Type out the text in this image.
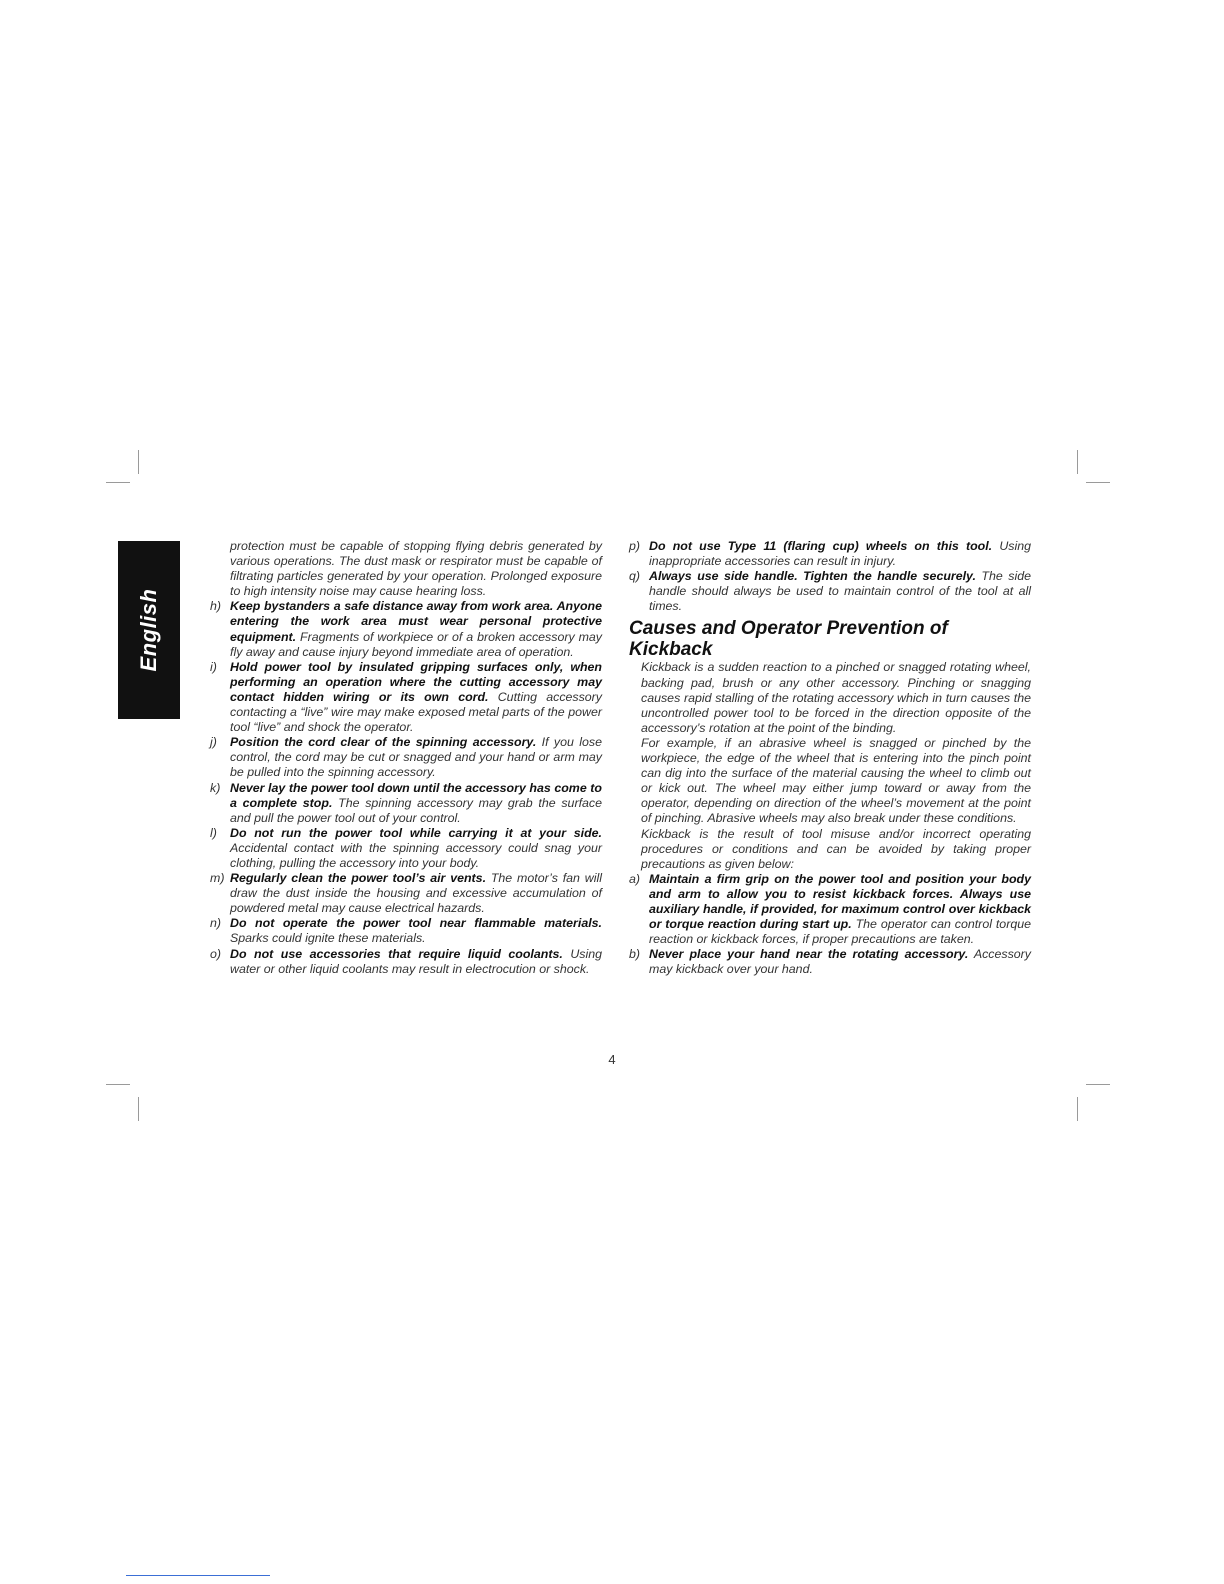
English
protection must be capable of stopping flying debris generated by various operations. The dust mask or respirator must be capable of filtrating particles generated by your operation. Prolonged exposure to high intensity noise may cause hearing loss.
h) Keep bystanders a safe distance away from work area. Anyone entering the work area must wear personal protective equipment. Fragments of workpiece or of a broken accessory may fly away and cause injury beyond immediate area of operation.
i) Hold power tool by insulated gripping surfaces only, when performing an operation where the cutting accessory may contact hidden wiring or its own cord. Cutting accessory contacting a “live” wire may make exposed metal parts of the power tool “live” and shock the operator.
j) Position the cord clear of the spinning accessory. If you lose control, the cord may be cut or snagged and your hand or arm may be pulled into the spinning accessory.
k) Never lay the power tool down until the accessory has come to a complete stop. The spinning accessory may grab the surface and pull the power tool out of your control.
l) Do not run the power tool while carrying it at your side. Accidental contact with the spinning accessory could snag your clothing, pulling the accessory into your body.
m) Regularly clean the power tool’s air vents. The motor’s fan will draw the dust inside the housing and excessive accumulation of powdered metal may cause electrical hazards.
n) Do not operate the power tool near flammable materials. Sparks could ignite these materials.
o) Do not use accessories that require liquid coolants. Using water or other liquid coolants may result in electrocution or shock.
p) Do not use Type 11 (flaring cup) wheels on this tool. Using inappropriate accessories can result in injury.
q) Always use side handle. Tighten the handle securely. The side handle should always be used to maintain control of the tool at all times.
Causes and Operator Prevention of Kickback
Kickback is a sudden reaction to a pinched or snagged rotating wheel, backing pad, brush or any other accessory. Pinching or snagging causes rapid stalling of the rotating accessory which in turn causes the uncontrolled power tool to be forced in the direction opposite of the accessory’s rotation at the point of the binding.
For example, if an abrasive wheel is snagged or pinched by the workpiece, the edge of the wheel that is entering into the pinch point can dig into the surface of the material causing the wheel to climb out or kick out. The wheel may either jump toward or away from the operator, depending on direction of the wheel’s movement at the point of pinching. Abrasive wheels may also break under these conditions.
Kickback is the result of tool misuse and/or incorrect operating procedures or conditions and can be avoided by taking proper precautions as given below:
a) Maintain a firm grip on the power tool and position your body and arm to allow you to resist kickback forces. Always use auxiliary handle, if provided, for maximum control over kickback or torque reaction during start up. The operator can control torque reaction or kickback forces, if proper precautions are taken.
b) Never place your hand near the rotating accessory. Accessory may kickback over your hand.
4
